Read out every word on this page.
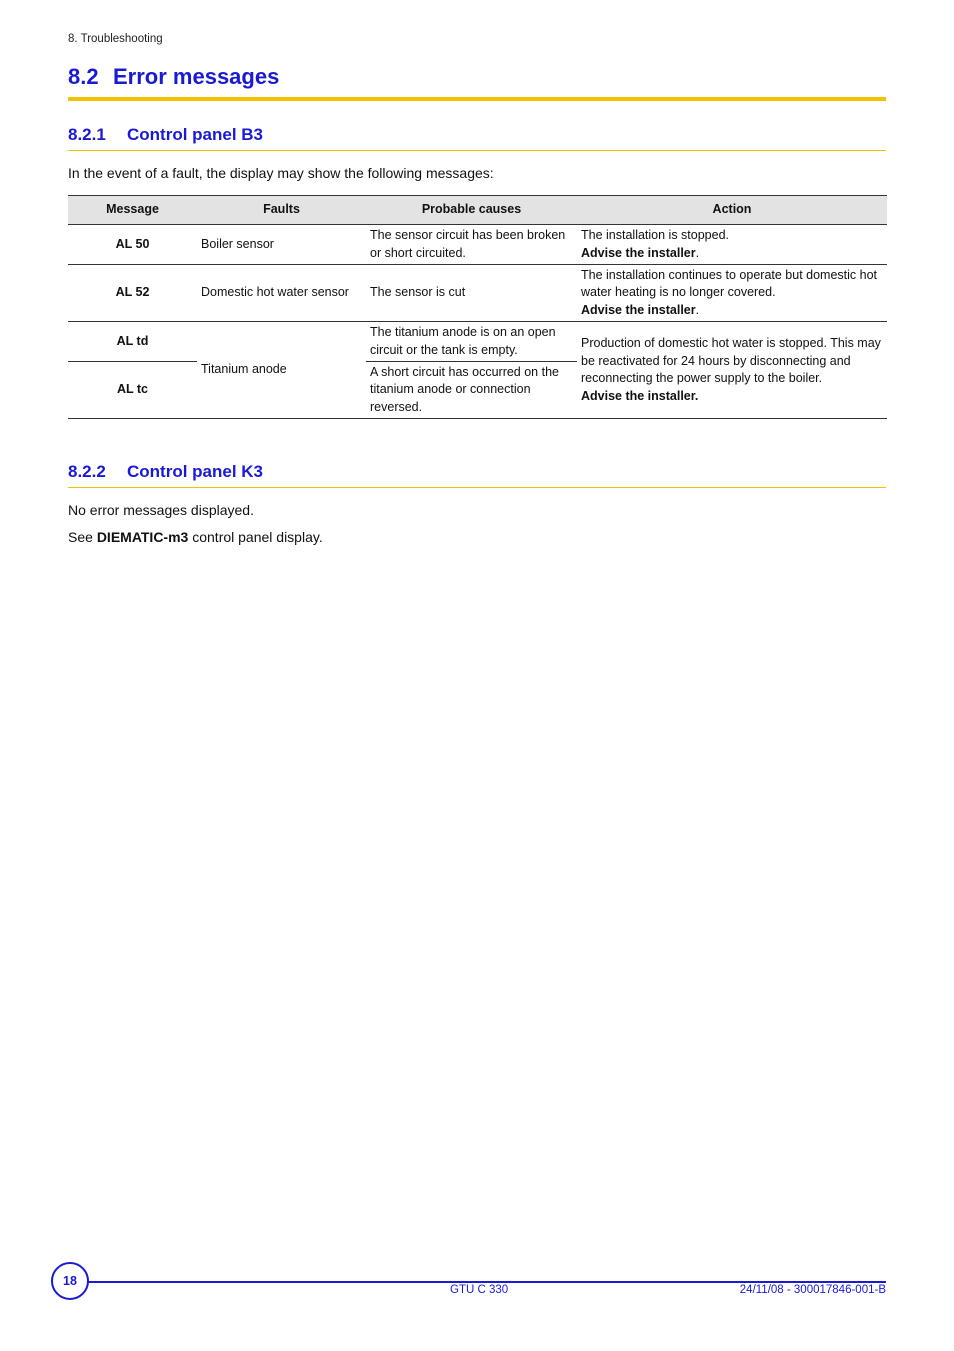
8. Troubleshooting
8.2 Error messages
8.2.1 Control panel B3
In the event of a fault, the display may show the following messages:
Message	Faults	Probable causes	Action
AL 50	Boiler sensor	The sensor circuit has been broken or short circuited.	The installation is stopped.
Advise the installer.

AL 52	Domestic hot water sensor	The sensor is cut	The installation continues to operate but domestic hot water heating is no longer covered.
Advise the installer.

AL td	Titanium anode	The titanium anode is on an open circuit or the tank is empty.	Production of domestic hot water is stopped. This may be reactivated for 24 hours by disconnecting and reconnecting the power supply to the boiler.
Advise the installer.

AL tc		A short circuit has occurred on the titanium anode or connection reversed.	
8.2.2 Control panel K3
No error messages displayed.
See DIEMATIC-m3 control panel display.
18
GTU C 330	24/11/08 - 300017846-001-B
